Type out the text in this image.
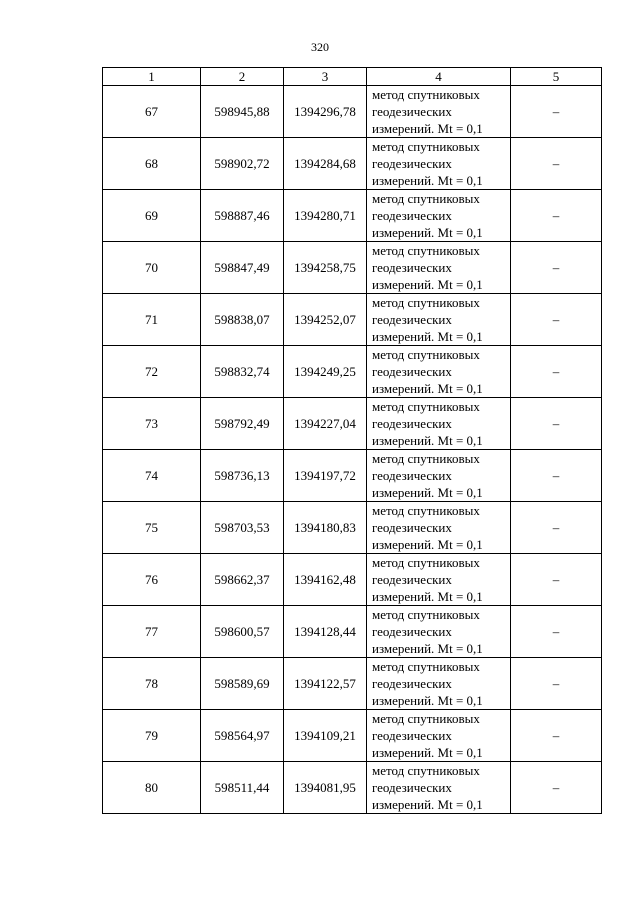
320
1	2	3	4	5
67	598945,88	1394296,78	метод спутниковых
геодезических
измерений. Mt = 0,1	–
68	598902,72	1394284,68	метод спутниковых
геодезических
измерений. Mt = 0,1	–
69	598887,46	1394280,71	метод спутниковых
геодезических
измерений. Mt = 0,1	–
70	598847,49	1394258,75	метод спутниковых
геодезических
измерений. Mt = 0,1	–
71	598838,07	1394252,07	метод спутниковых
геодезических
измерений. Mt = 0,1	–
72	598832,74	1394249,25	метод спутниковых
геодезических
измерений. Mt = 0,1	–
73	598792,49	1394227,04	метод спутниковых
геодезических
измерений. Mt = 0,1	–
74	598736,13	1394197,72	метод спутниковых
геодезических
измерений. Mt = 0,1	–
75	598703,53	1394180,83	метод спутниковых
геодезических
измерений. Mt = 0,1	–
76	598662,37	1394162,48	метод спутниковых
геодезических
измерений. Mt = 0,1	–
77	598600,57	1394128,44	метод спутниковых
геодезических
измерений. Mt = 0,1	–
78	598589,69	1394122,57	метод спутниковых
геодезических
измерений. Mt = 0,1	–
79	598564,97	1394109,21	метод спутниковых
геодезических
измерений. Mt = 0,1	–
80	598511,44	1394081,95	метод спутниковых
геодезических
измерений. Mt = 0,1	–
